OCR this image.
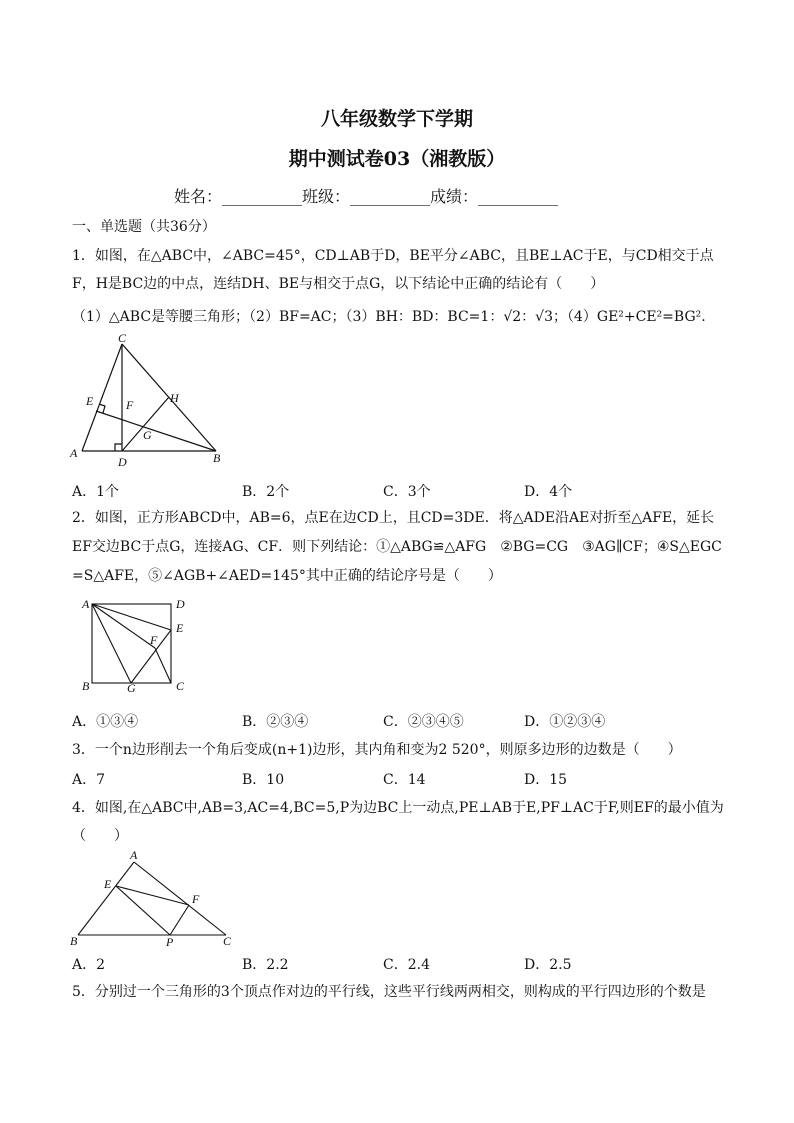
八年级数学下学期
期中测试卷03（湘教版）
姓名：__________班级：__________成绩：__________
一、单选题（共36分）
1．如图，在△ABC中，∠ABC=45°，CD⊥AB于D，BE平分∠ABC，且BE⊥AC于E，与CD相交于点
F，H是BC边的中点，连结DH、BE与相交于点G，以下结论中正确的结论有（　　）
（1）△ABC是等腰三角形；（2）BF=AC；（3）BH：BD：BC=1：√2：√3；（4）GE²+CE²=BG².
C
E	F	H
G
A
D	B
A．1个	B．2个	C．3个	D．4个
2．如图，正方形ABCD中，AB=6，点E在边CD上，且CD=3DE．将△ADE沿AE对折至△AFE，延长
EF交边BC于点G，连接AG、CF．则下列结论：①△ABG≌△AFG　②BG=CG　③AG∥CF；④S△EGC
=S△AFE，⑤∠AGB+∠AED=145°其中正确的结论序号是（　　）
A	D
E
F
B	G	C
A．①③④	B．②③④	C．②③④⑤	D．①②③④
3．一个n边形削去一个角后变成(n+1)边形，其内角和变为2 520°，则原多边形的边数是（　　）
A．7	B．10	C．14	D．15
4．如图,在△ABC中,AB=3,AC=4,BC=5,P为边BC上一动点,PE⊥AB于E,PF⊥AC于F,则EF的最小值为
（　　）
A
E
F
B	P	C
A．2	B．2.2	C．2.4	D．2.5
5．分别过一个三角形的3个顶点作对边的平行线，这些平行线两两相交，则构成的平行四边形的个数是
